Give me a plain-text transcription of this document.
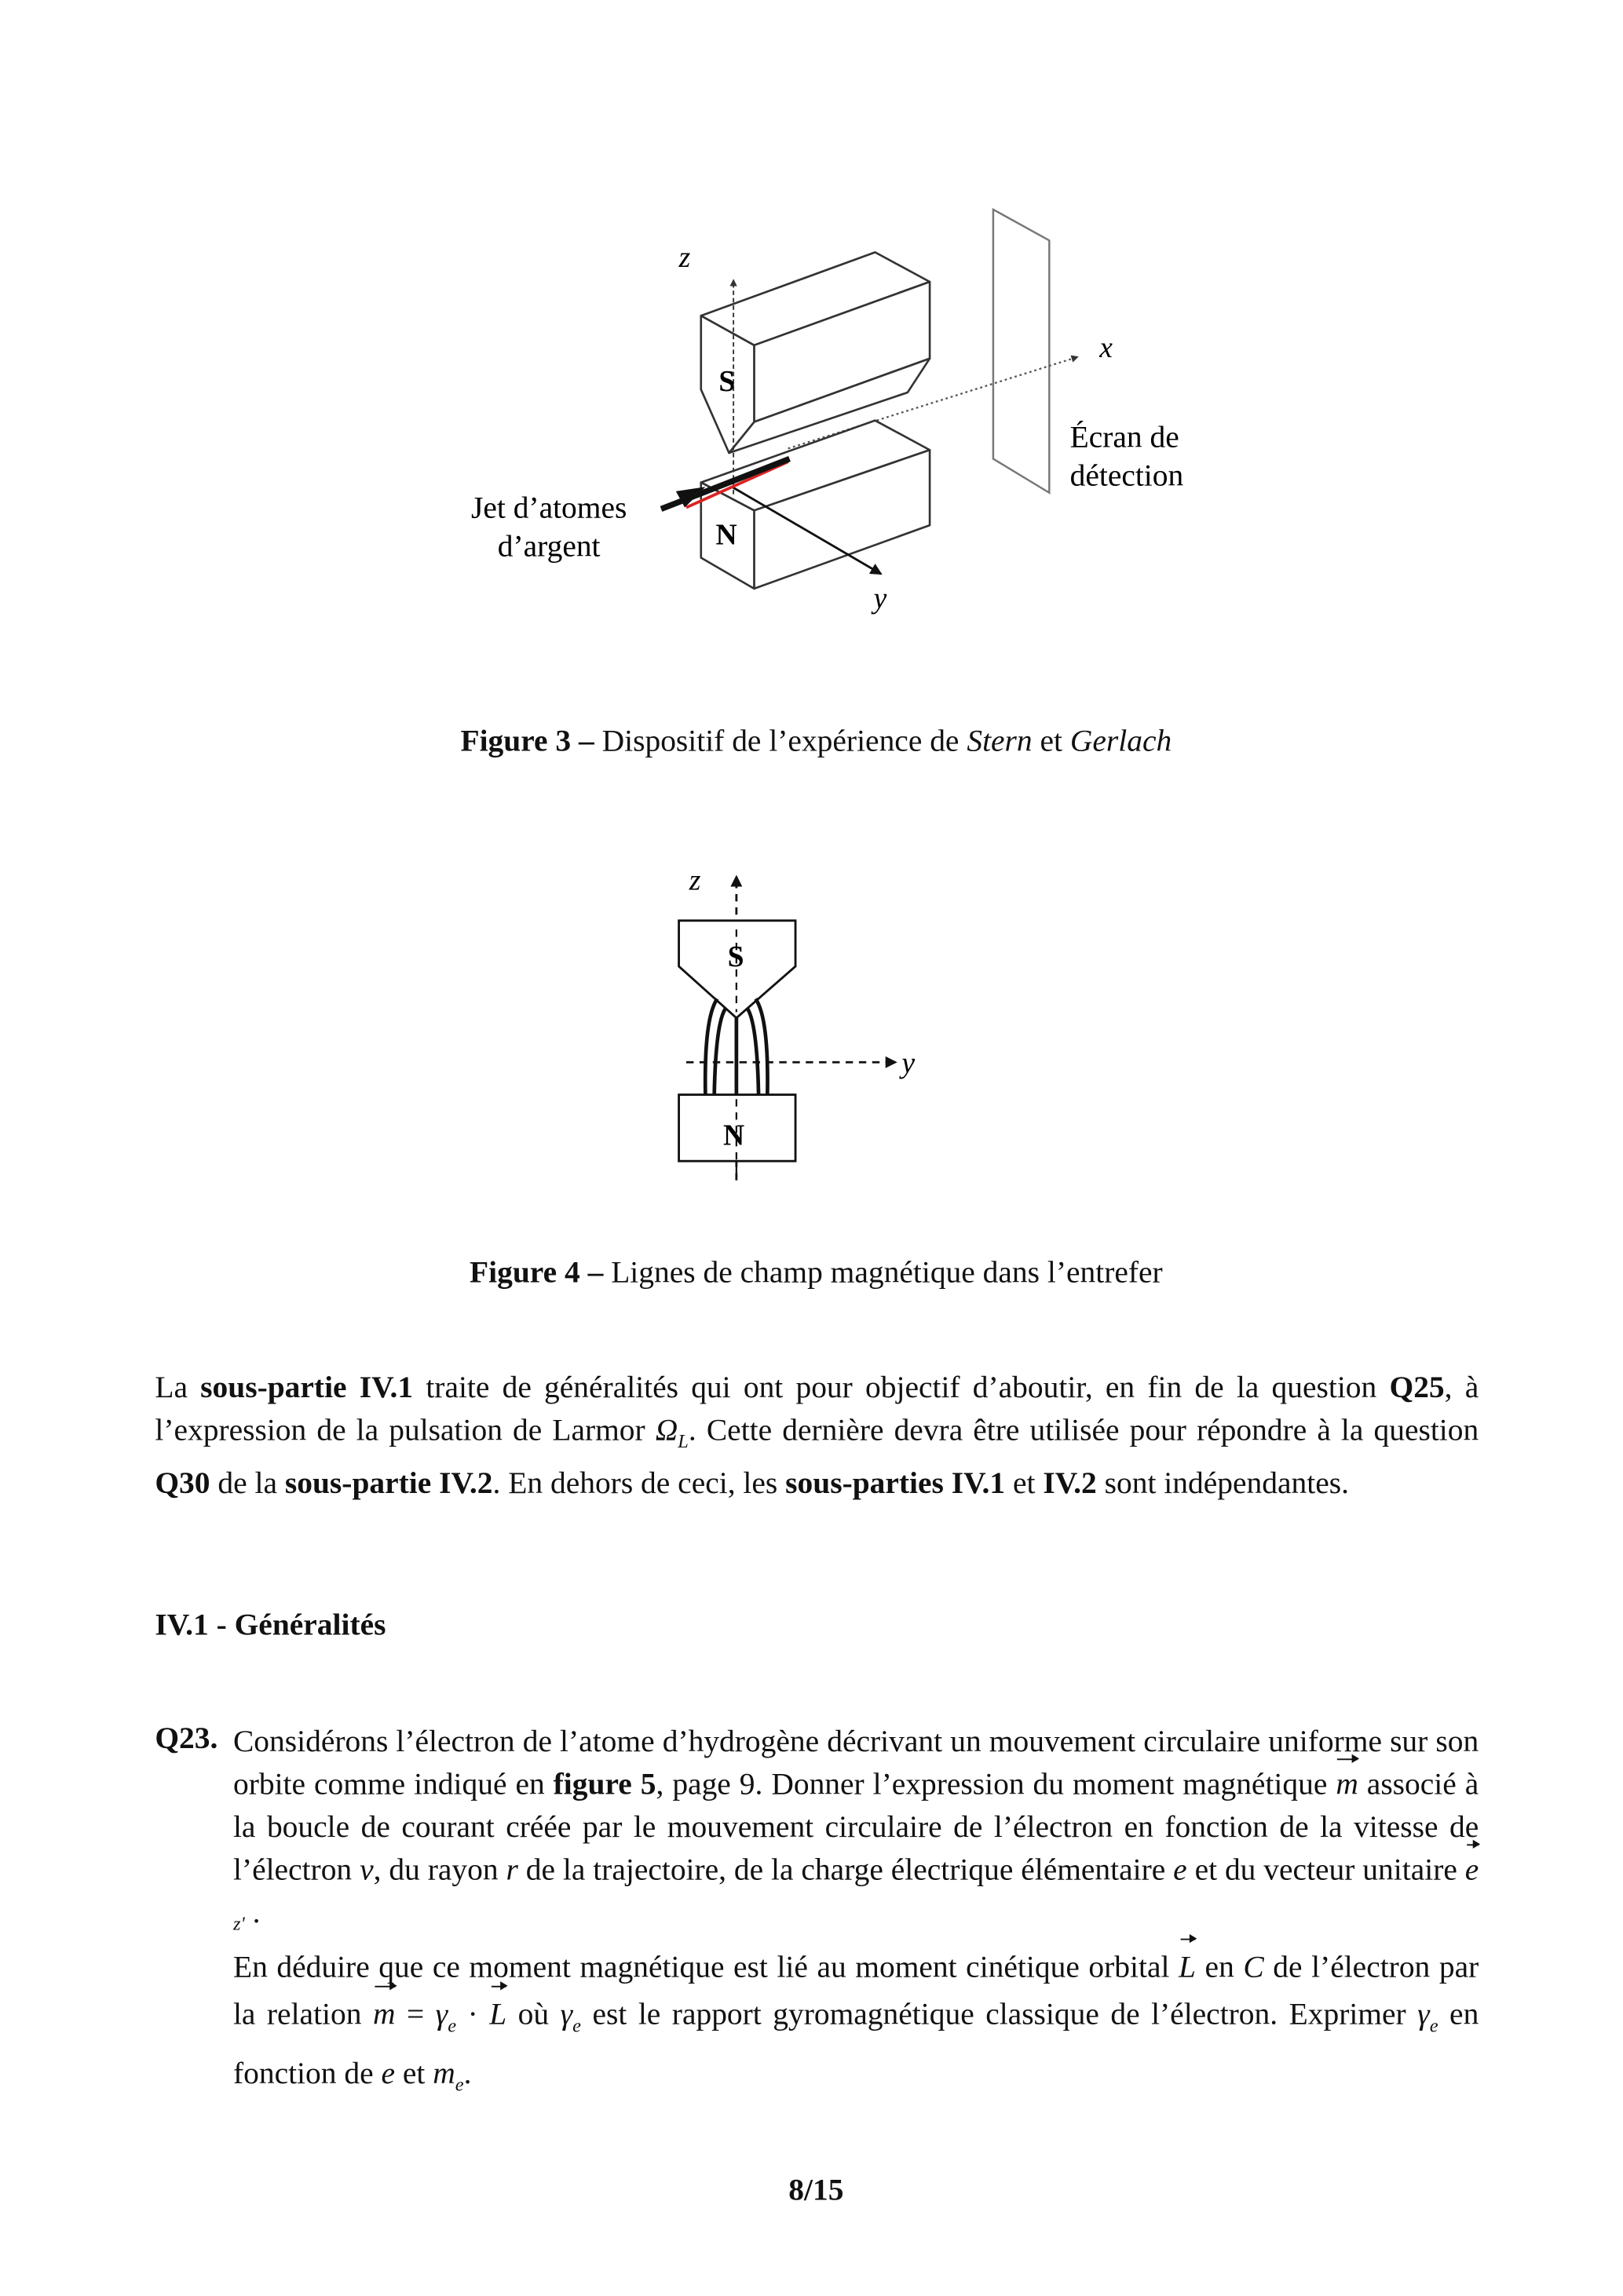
z
x
y
S
N
Jet d’atomes
d’argent
Écran de
détection
z
y
S
N
Figure 3 – Dispositif de l’expérience de Stern et Gerlach
Figure 4 – Lignes de champ magnétique dans l’entrefer
La sous-partie IV.1 traite de généralités qui ont pour objectif d’aboutir, en fin de la question Q25, à l’expression de la pulsation de Larmor $\Omega_L$. Cette dernière devra être utilisée pour répondre à la question Q30 de la sous-partie IV.2. En dehors de ceci, les sous-parties IV.1 et IV.2 sont indépendantes.
IV.1 - Généralités
Q23. Considérons l’électron de l’atome d’hydrogène décrivant un mouvement circulaire uniforme sur son orbite comme indiqué en figure 5, page 9. Donner l’expression du moment magnétique m associé à la boucle de courant créée par le mouvement circulaire de l’électron en fonction de la vitesse de l’électron v, du rayon r de la trajectoire, de la charge électrique élémentaire e et du vecteur unitaire $e_{z'}$ .
En déduire que ce moment magnétique est lié au moment cinétique orbital L en C de l’électron par la relation $m = \gamma_e \cdot L$ où $\gamma_e$ est le rapport gyromagnétique classique de l’électron. Exprimer $\gamma_e$ en fonction de e et $m_e$.
8/15
